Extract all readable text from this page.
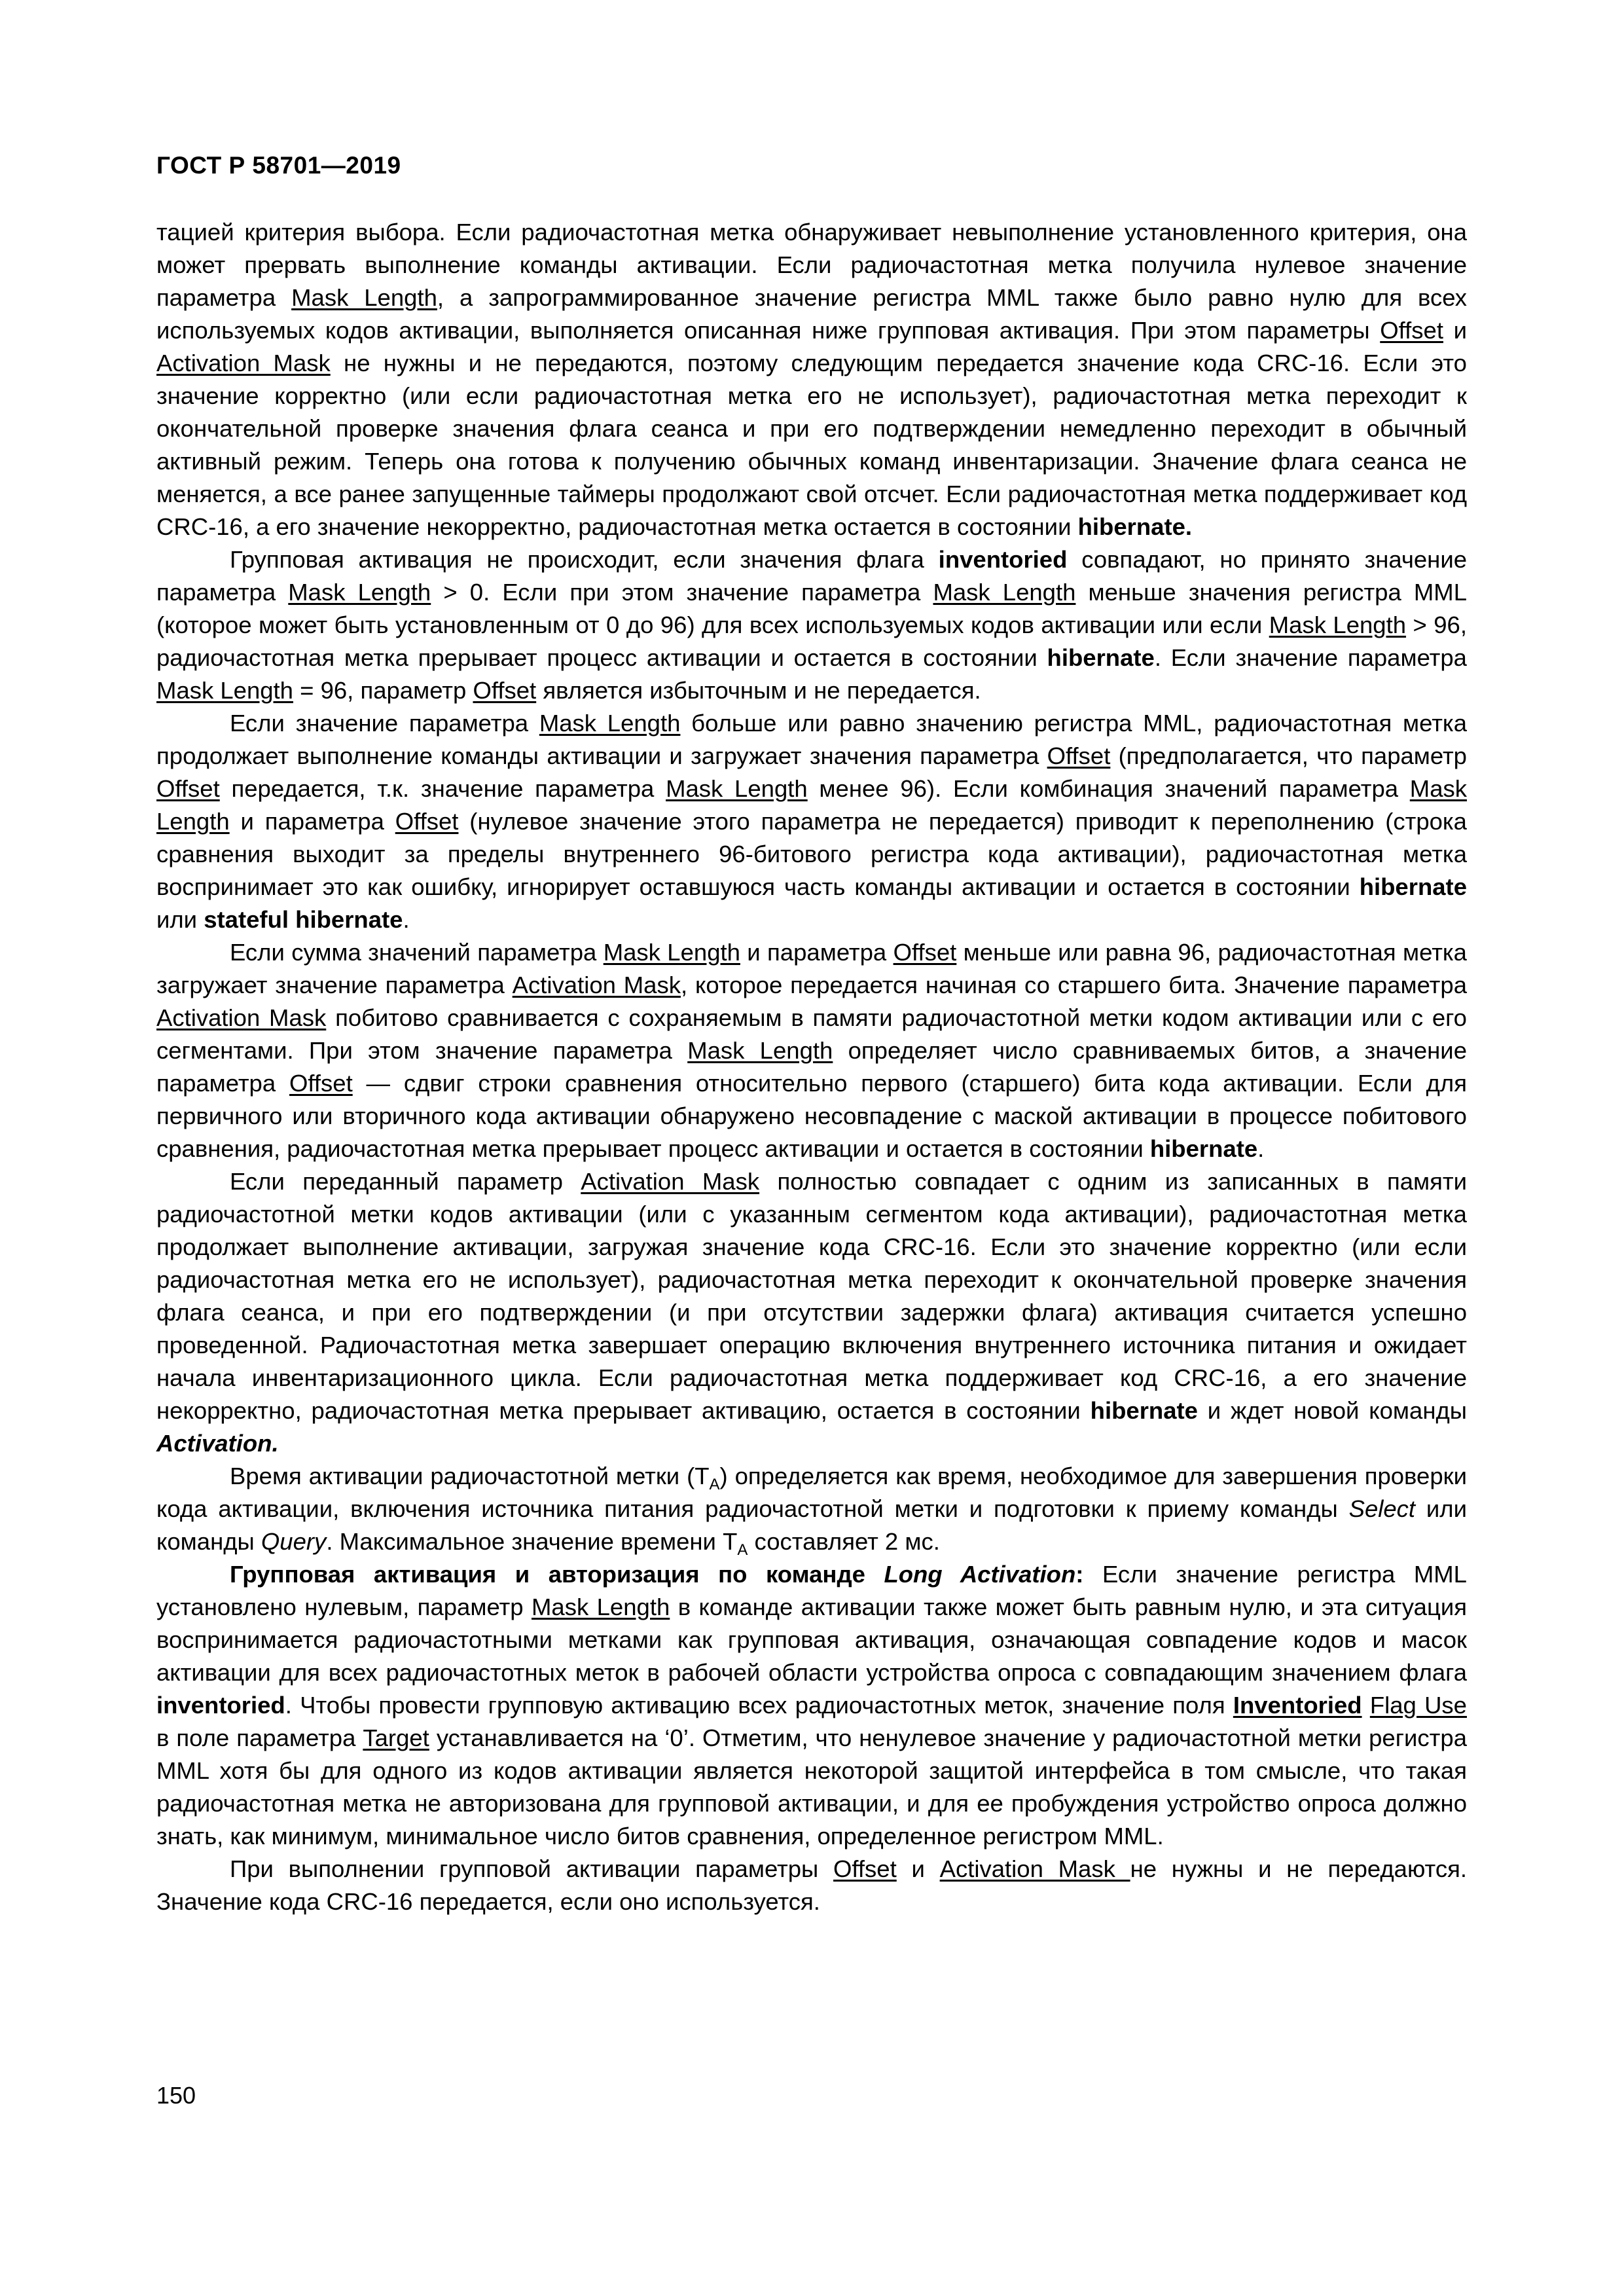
ГОСТ Р 58701—2019

тацией критерия выбора. Если радиочастотная метка обнаруживает невыполнение установленного критерия, она может прервать выполнение команды активации. Если радиочастотная метка получила нулевое значение параметра Mask Length, а запрограммированное значение регистра MML также было равно нулю для всех используемых кодов активации, выполняется описанная ниже групповая активация. При этом параметры Offset и Activation Mask не нужны и не передаются, поэтому следующим передается значение кода CRC-16. Если это значение корректно (или если радиочастотная метка его не использует), радиочастотная метка переходит к окончательной проверке значения флага сеанса и при его подтверждении немедленно переходит в обычный активный режим. Теперь она готова к получению обычных команд инвентаризации. Значение флага сеанса не меняется, а все ранее запущенные таймеры продолжают свой отсчет. Если радиочастотная метка поддерживает код CRC-16, а его значение некорректно, радиочастотная метка остается в состоянии hibernate.

Групповая активация не происходит, если значения флага inventoried совпадают, но принято значение параметра Mask Length > 0. Если при этом значение параметра Mask Length меньше значения регистра MML (которое может быть установленным от 0 до 96) для всех используемых кодов активации или если Mask Length > 96, радиочастотная метка прерывает процесс активации и остается в состоянии hibernate. Если значение параметра Mask Length = 96, параметр Offset является избыточным и не передается.

Если значение параметра Mask Length больше или равно значению регистра MML, радиочастотная метка продолжает выполнение команды активации и загружает значения параметра Offset (предполагается, что параметр Offset передается, т.к. значение параметра Mask Length менее 96). Если комбинация значений параметра Mask Length и параметра Offset (нулевое значение этого параметра не передается) приводит к переполнению (строка сравнения выходит за пределы внутреннего 96-битового регистра кода активации), радиочастотная метка воспринимает это как ошибку, игнорирует оставшуюся часть команды активации и остается в состоянии hibernate или stateful hibernate.

Если сумма значений параметра Mask Length и параметра Offset меньше или равна 96, радиочастотная метка загружает значение параметра Activation Mask, которое передается начиная со старшего бита. Значение параметра Activation Mask побитово сравнивается с сохраняемым в памяти радиочастотной метки кодом активации или с его сегментами. При этом значение параметра Mask Length определяет число сравниваемых битов, а значение параметра Offset — сдвиг строки сравнения относительно первого (старшего) бита кода активации. Если для первичного или вторичного кода активации обнаружено несовпадение с маской активации в процессе побитового сравнения, радиочастотная метка прерывает процесс активации и остается в состоянии hibernate.

Если переданный параметр Activation Mask полностью совпадает с одним из записанных в памяти радиочастотной метки кодов активации (или с указанным сегментом кода активации), радиочастотная метка продолжает выполнение активации, загружая значение кода CRC-16. Если это значение корректно (или если радиочастотная метка его не использует), радиочастотная метка переходит к окончательной проверке значения флага сеанса, и при его подтверждении (и при отсутствии задержки флага) активация считается успешно проведенной. Радиочастотная метка завершает операцию включения внутреннего источника питания и ожидает начала инвентаризационного цикла. Если радиочастотная метка поддерживает код CRC-16, а его значение некорректно, радиочастотная метка прерывает активацию, остается в состоянии hibernate и ждет новой команды Activation.

Время активации радиочастотной метки $(T_A)$ определяется как время, необходимое для завершения проверки кода активации, включения источника питания радиочастотной метки и подготовки к приему команды Select или команды Query. Максимальное значение времени $T_A$ составляет 2 мс.

Групповая активация и авторизация по команде Long Activation: Если значение регистра MML установлено нулевым, параметр Mask Length в команде активации также может быть равным нулю, и эта ситуация воспринимается радиочастотными метками как групповая активация, означающая совпадение кодов и масок активации для всех радиочастотных меток в рабочей области устройства опроса с совпадающим значением флага inventoried. Чтобы провести групповую активацию всех радиочастотных меток, значение поля Inventoried Flag Use в поле параметра Target устанавливается на ‘0’. Отметим, что ненулевое значение у радиочастотной метки регистра MML хотя бы для одного из кодов активации является некоторой защитой интерфейса в том смысле, что такая радиочастотная метка не авторизована для групповой активации, и для ее пробуждения устройство опроса должно знать, как минимум, минимальное число битов сравнения, определенное регистром MML.

При выполнении групповой активации параметры Offset и Activation Mask не нужны и не передаются. Значение кода CRC-16 передается, если оно используется.

150
